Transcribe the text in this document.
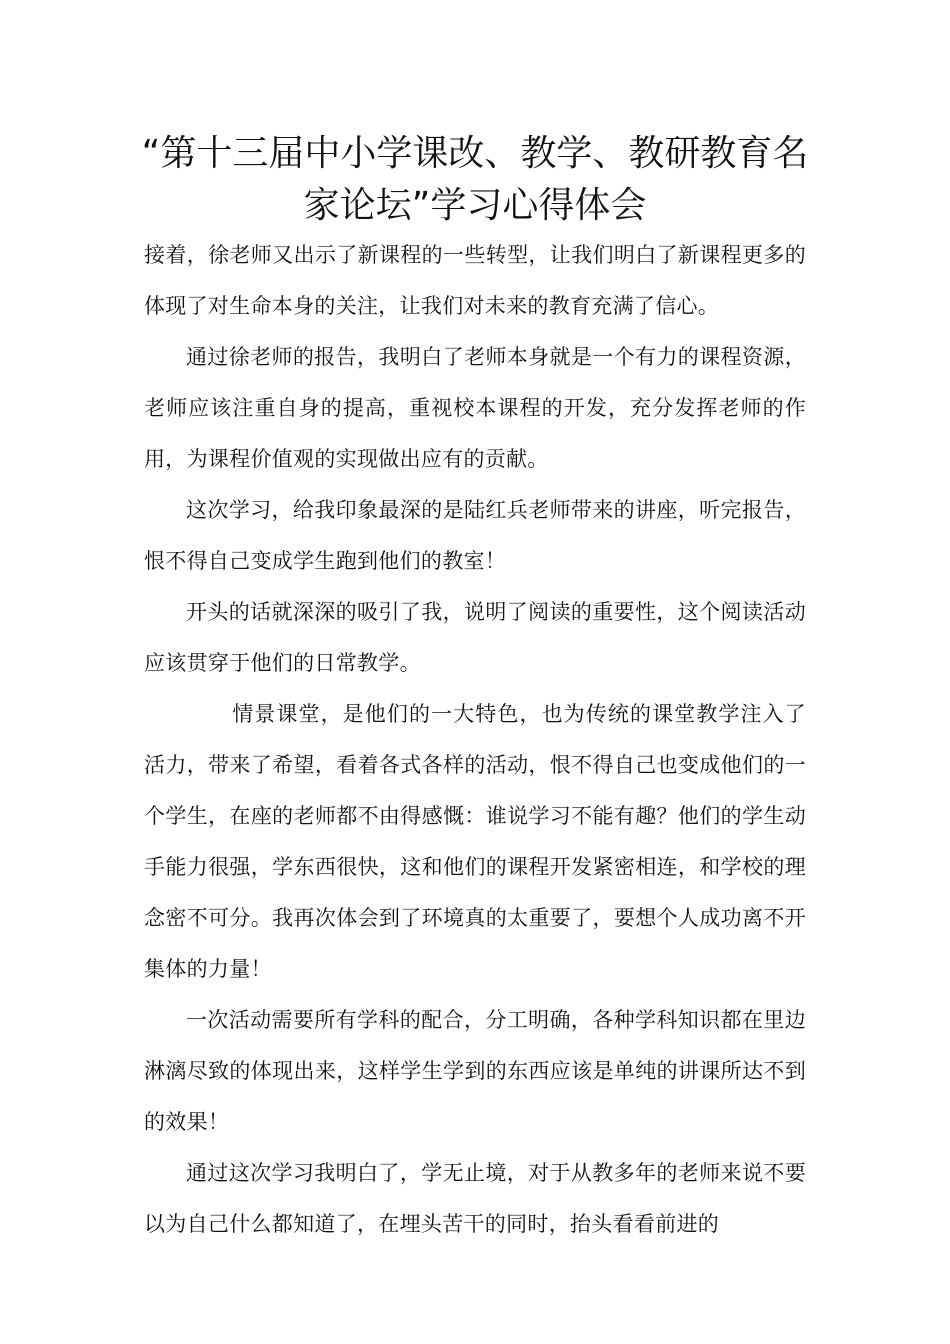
“第十三届中小学课改、教学、教研教育名家论坛”学习心得体会

接着，徐老师又出示了新课程的一些转型，让我们明白了新课程更多的体现了对生命本身的关注，让我们对未来的教育充满了信心。

通过徐老师的报告，我明白了老师本身就是一个有力的课程资源，老师应该注重自身的提高，重视校本课程的开发，充分发挥老师的作用，为课程价值观的实现做出应有的贡献。

这次学习，给我印象最深的是陆红兵老师带来的讲座，听完报告，恨不得自己变成学生跑到他们的教室！

开头的话就深深的吸引了我，说明了阅读的重要性，这个阅读活动应该贯穿于他们的日常教学。

情景课堂，是他们的一大特色，也为传统的课堂教学注入了活力，带来了希望，看着各式各样的活动，恨不得自己也变成他们的一个学生，在座的老师都不由得感慨：谁说学习不能有趣？他们的学生动手能力很强，学东西很快，这和他们的课程开发紧密相连，和学校的理念密不可分。我再次体会到了环境真的太重要了，要想个人成功离不开集体的力量！

一次活动需要所有学科的配合，分工明确，各种学科知识都在里边淋漓尽致的体现出来，这样学生学到的东西应该是单纯的讲课所达不到的效果！

通过这次学习我明白了，学无止境，对于从教多年的老师来说不要以为自己什么都知道了，在埋头苦干的同时，抬头看看前进的
